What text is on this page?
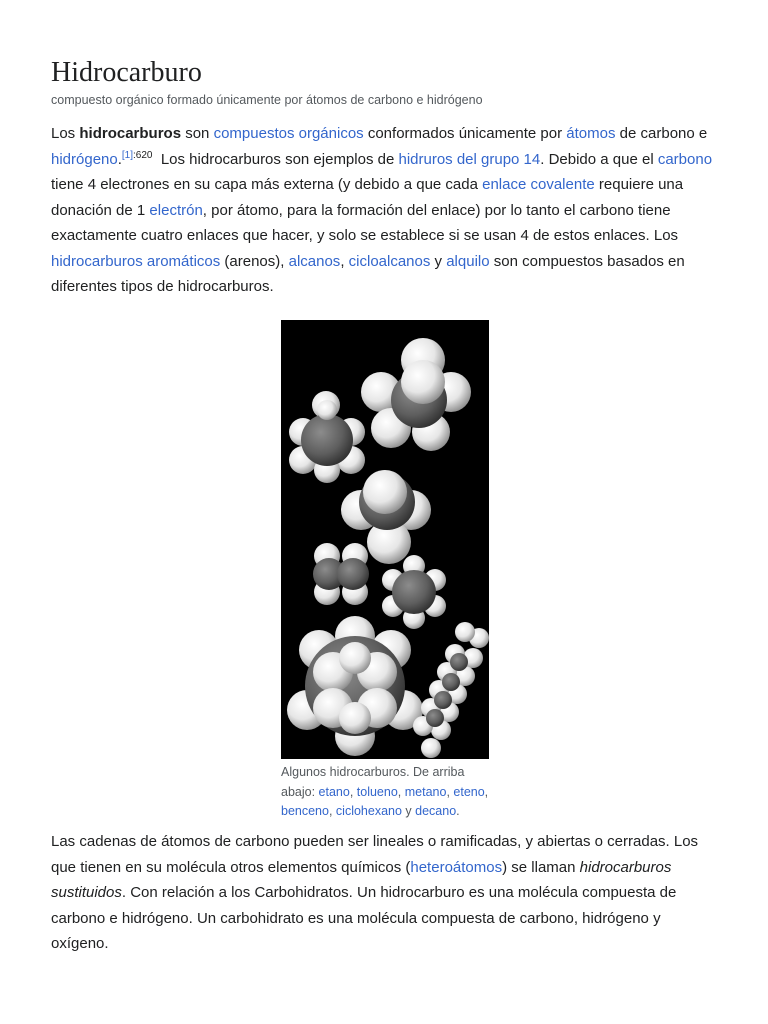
Hidrocarburo
compuesto orgánico formado únicamente por átomos de carbono e hidrógeno
Los hidrocarburos son compuestos orgánicos conformados únicamente por átomos de carbono e hidrógeno.$^{[1]:620}$  Los hidrocarburos son ejemplos de hidruros del grupo 14. Debido a que el carbono tiene 4 electrones en su capa más externa (y debido a que cada enlace covalente requiere una donación de 1 electrón, por átomo, para la formación del enlace) por lo tanto el carbono tiene exactamente cuatro enlaces que hacer, y solo se establece si se usan 4 de estos enlaces. Los hidrocarburos aromáticos (arenos), alcanos, cicloalcanos y alquilo son compuestos basados en diferentes tipos de hidrocarburos.
Algunos hidrocarburos. De arriba abajo: etano, tolueno, metano, eteno, benceno, ciclohexano y decano.
Las cadenas de átomos de carbono pueden ser lineales o ramificadas, y abiertas o cerradas. Los que tienen en su molécula otros elementos químicos (heteroátomos) se llaman hidrocarburos sustituidos. Con relación a los Carbohidratos. Un hidrocarburo es una molécula compuesta de carbono e hidrógeno. Un carbohidrato es una molécula compuesta de carbono, hidrógeno y oxígeno.
